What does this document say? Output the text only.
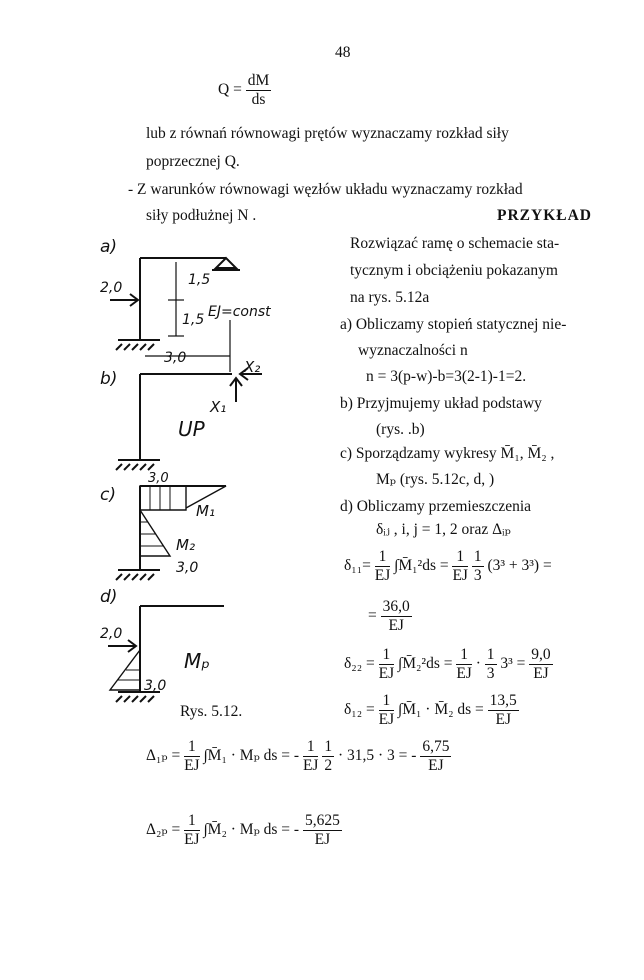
48
$Q = \frac{dM}{ds}$
lub z równań równowagi prętów wyznaczamy rozkład siły
poprzecznej Q.
- Z warunków równowagi węzłów układu wyznaczamy rozkład
siły podłużnej N .	PRZYKŁAD
Rozwiązać ramę o schemacie sta-
tycznym i obciążeniu pokazanym
na rys. 5.12a
a) Obliczamy stopień statycznej nie-
wyznaczalności n
n = 3(p-w)-b=3(2-1)-1=2.
b) Przyjmujemy układ podstawy
(rys. .b)
c) Sporządzamy wykresy M̄₁, M̄₂ ,
Mₚ (rys. 5.12c, d, )
d) Obliczamy przemieszczenia
δᵢⱼ , i, j = 1, 2 oraz Δᵢₚ
$\delta_{11}= \frac{1}{EJ}$ ∫M̄₁²ds = $\frac{1}{EJ}$
$\frac{1}{3} (3^3 + 3^3)$ =
= $\frac{36,0}{EJ}$
$\delta_{22} = \frac{1}{EJ}$ ∫M̄₂²ds = $\frac{1}{EJ} \cdot \frac{1}{3} 3^3 = \frac{9,0}{EJ}$
Rys. 5.12.	$\delta_{12} = \frac{1}{EJ}$ ∫M̄₁ · M̄₂ ds = $\frac{13,5}{EJ}$
$\Delta_{1p} = \frac{1}{EJ}$ ∫M̄₁ · Mₚ ds = - $\frac{1}{EJ}$
$\frac{1}{2} \cdot 31,5 \cdot 3$ = - $\frac{6,75}{EJ}$
$\Delta_{2p} = \frac{1}{EJ}$ ∫M̄₂ · Mₚ ds = - $\frac{5,625}{EJ}$
a)
2,0	1,5
1,5 EJ=const
3,0
b)
X₁
X₂
UP
c)
3,0
M₁
M₂
3,0
d)
2,0
Mₚ
3,0
